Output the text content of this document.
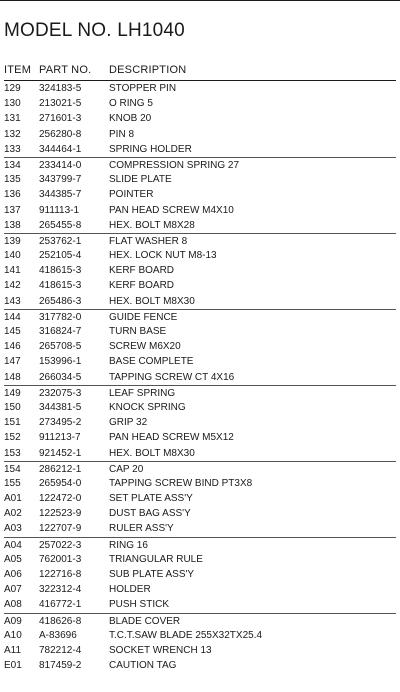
MODEL NO. LH1040
ITEM PART NO. DESCRIPTION
129 324183-5	STOPPER PIN
130 213021-5	O RING 5
131 271601-3	KNOB 20
132 256280-8	PIN 8
133 344464-1	SPRING HOLDER
134 233414-0	COMPRESSION SPRING 27
135 343799-7	SLIDE PLATE
136 344385-7	POINTER
137 911113-1	PAN HEAD SCREW M4X10
138 265455-8	HEX. BOLT M8X28
139 253762-1	FLAT WASHER 8
140 252105-4	HEX. LOCK NUT M8-13
141 418615-3	KERF BOARD
142 418615-3	KERF BOARD
143 265486-3	HEX. BOLT M8X30
144 317782-0	GUIDE FENCE
145 316824-7	TURN BASE
146 265708-5	SCREW M6X20
147 153996-1	BASE COMPLETE
148 266034-5	TAPPING SCREW CT 4X16
149 232075-3	LEAF SPRING
150 344381-5	KNOCK SPRING
151 273495-2	GRIP 32
152 911213-7	PAN HEAD SCREW M5X12
153 921452-1	HEX. BOLT M8X30
154 286212-1	CAP 20
155 265954-0	TAPPING SCREW BIND PT3X8
A01 122472-0	SET PLATE ASS'Y
A02 122523-9	DUST BAG ASS'Y
A03 122707-9	RULER ASS'Y
A04 257022-3	RING 16
A05 762001-3	TRIANGULAR RULE
A06 122716-8	SUB PLATE ASS'Y
A07 322312-4	HOLDER
A08 416772-1	PUSH STICK
A09 418626-8	BLADE COVER
A10 A-83696	T.C.T.SAW BLADE 255X32TX25.4
A11 782212-4	SOCKET WRENCH 13
E01 817459-2	CAUTION TAG
